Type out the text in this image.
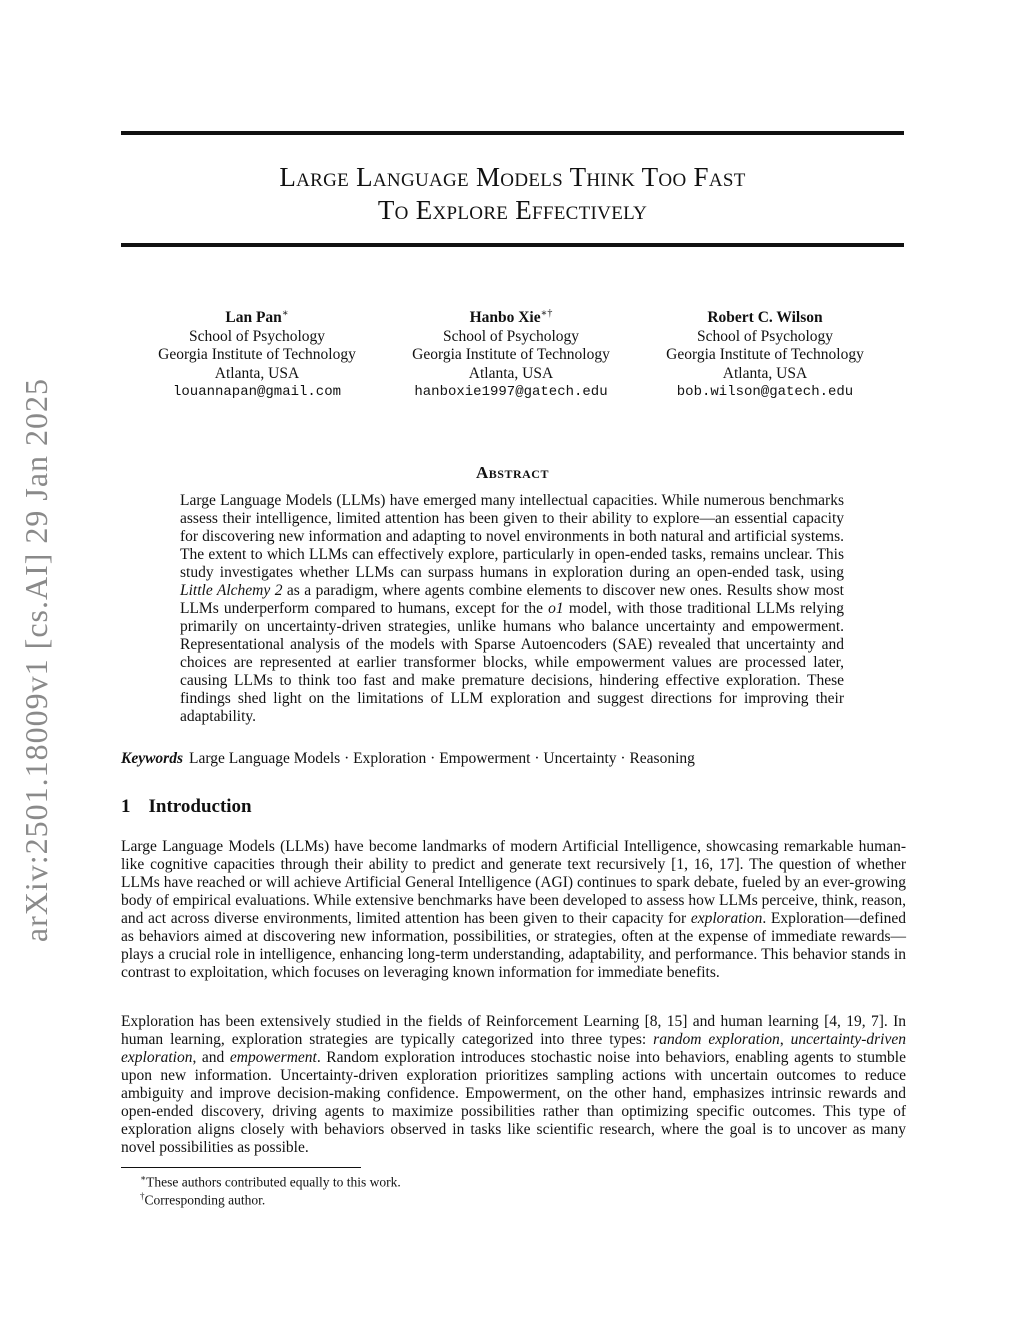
arXiv:2501.18009v1 [cs.AI] 29 Jan 2025
Large Language Models Think Too Fast
To Explore Effectively
Lan Pan∗
School of Psychology
Georgia Institute of Technology
Atlanta, USA
louannapan@gmail.com
Hanbo Xie∗†
School of Psychology
Georgia Institute of Technology
Atlanta, USA
hanboxie1997@gatech.edu
Robert C. Wilson
School of Psychology
Georgia Institute of Technology
Atlanta, USA
bob.wilson@gatech.edu
Abstract
Large Language Models (LLMs) have emerged many intellectual capacities. While numerous benchmarks assess their intelligence, limited attention has been given to their ability to explore—an essential capacity for discovering new information and adapting to novel environments in both natural and artificial systems. The extent to which LLMs can effectively explore, particularly in open-ended tasks, remains unclear. This study investigates whether LLMs can surpass humans in exploration during an open-ended task, using Little Alchemy 2 as a paradigm, where agents combine elements to discover new ones. Results show most LLMs underperform compared to humans, except for the o1 model, with those traditional LLMs relying primarily on uncertainty-driven strategies, unlike humans who balance uncertainty and empowerment. Representational analysis of the models with Sparse Autoencoders (SAE) revealed that uncertainty and choices are represented at earlier transformer blocks, while empowerment values are processed later, causing LLMs to think too fast and make premature decisions, hindering effective exploration. These findings shed light on the limitations of LLM exploration and suggest directions for improving their adaptability.
Keywords Large Language Models · Exploration · Empowerment · Uncertainty · Reasoning
1 Introduction
Large Language Models (LLMs) have become landmarks of modern Artificial Intelligence, showcasing remarkable human-like cognitive capacities through their ability to predict and generate text recursively [1, 16, 17]. The question of whether LLMs have reached or will achieve Artificial General Intelligence (AGI) continues to spark debate, fueled by an ever-growing body of empirical evaluations. While extensive benchmarks have been developed to assess how LLMs perceive, think, reason, and act across diverse environments, limited attention has been given to their capacity for exploration. Exploration—defined as behaviors aimed at discovering new information, possibilities, or strategies, often at the expense of immediate rewards—plays a crucial role in intelligence, enhancing long-term understanding, adaptability, and performance. This behavior stands in contrast to exploitation, which focuses on leveraging known information for immediate benefits.
Exploration has been extensively studied in the fields of Reinforcement Learning [8, 15] and human learning [4, 19, 7]. In human learning, exploration strategies are typically categorized into three types: random exploration, uncertainty-driven exploration, and empowerment. Random exploration introduces stochastic noise into behaviors, enabling agents to stumble upon new information. Uncertainty-driven exploration prioritizes sampling actions with uncertain outcomes to reduce ambiguity and improve decision-making confidence. Empowerment, on the other hand, emphasizes intrinsic rewards and open-ended discovery, driving agents to maximize possibilities rather than optimizing specific outcomes. This type of exploration aligns closely with behaviors observed in tasks like scientific research, where the goal is to uncover as many novel possibilities as possible.
∗These authors contributed equally to this work.
†Corresponding author.
